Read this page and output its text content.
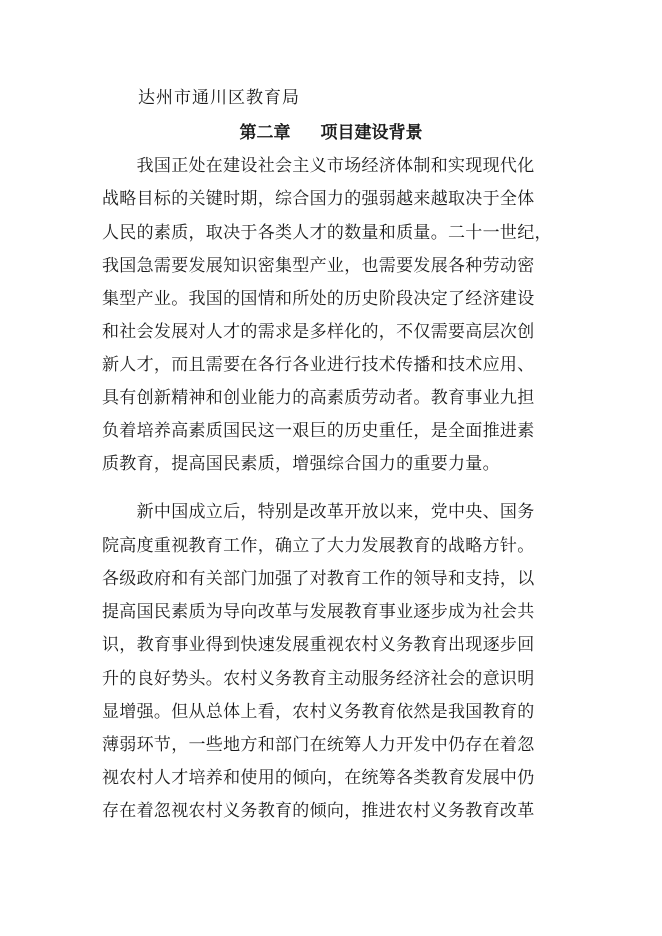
达州市通川区教育局
第二章 项目建设背景
　　我国正处在建设社会主义市场经济体制和实现现代化
战略目标的关键时期，综合国力的强弱越来越取决于全体
人民的素质，取决于各类人才的数量和质量。二十一世纪，
我国急需要发展知识密集型产业，也需要发展各种劳动密
集型产业。我国的国情和所处的历史阶段决定了经济建设
和社会发展对人才的需求是多样化的，不仅需要高层次创
新人才，而且需要在各行各业进行技术传播和技术应用、
具有创新精神和创业能力的高素质劳动者。教育事业九担
负着培养高素质国民这一艰巨的历史重任，是全面推进素
质教育，提高国民素质，增强综合国力的重要力量。
　　新中国成立后，特别是改革开放以来，党中央、国务
院高度重视教育工作，确立了大力发展教育的战略方针。
各级政府和有关部门加强了对教育工作的领导和支持，以
提高国民素质为导向改革与发展教育事业逐步成为社会共
识，教育事业得到快速发展重视农村义务教育出现逐步回
升的良好势头。农村义务教育主动服务经济社会的意识明
显增强。但从总体上看，农村义务教育依然是我国教育的
薄弱环节，一些地方和部门在统筹人力开发中仍存在着忽
视农村人才培养和使用的倾向，在统筹各类教育发展中仍
存在着忽视农村义务教育的倾向，推进农村义务教育改革
